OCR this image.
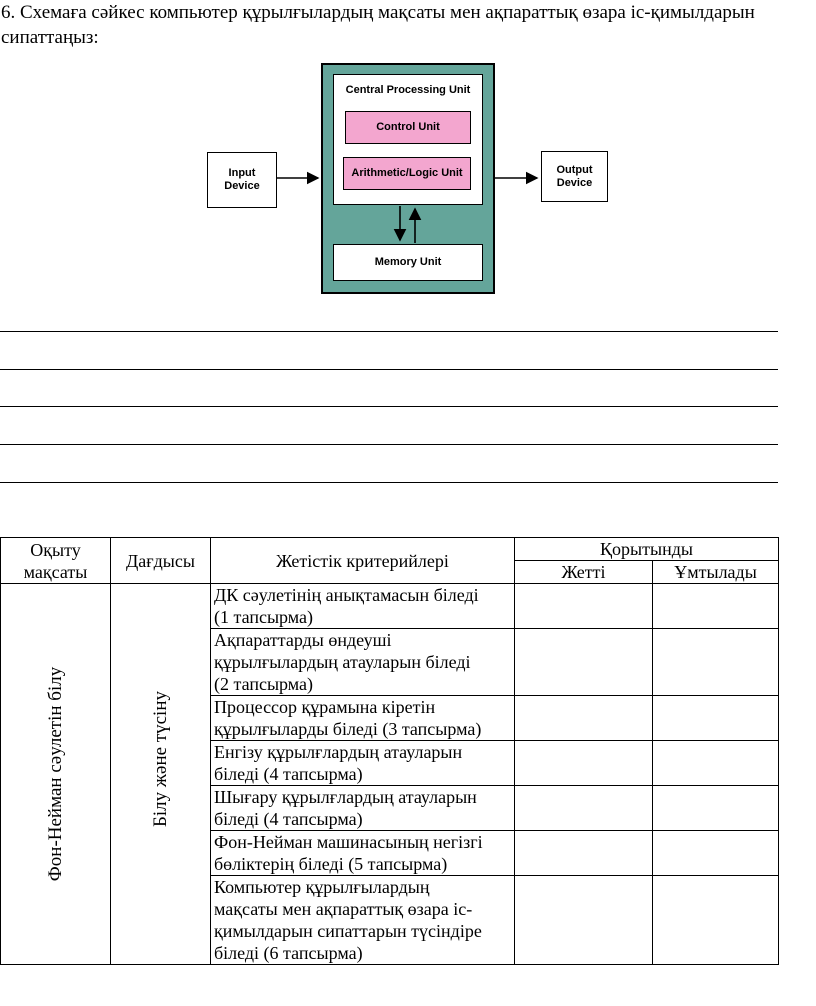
6. Схемаға сәйкес компьютер құрылғылардың мақсаты мен ақпараттық өзара іс-қимылдарын
сипаттаңыз:
Input
Device
Output
Device
Central Processing Unit
Control Unit
Arithmetic/Logic Unit
Memory Unit
Оқыту
мақсаты	Дағдысы	Жетістік критерийлері	Қорытынды	
			Жетті	Ұмтылады

Фон-Нейман сәулетін білу	Білу және түсіну	ДК сәулетінің анықтамасын біледі
(1 тапсырма)		

		Ақпараттарды өндеуші
құрылғылардың атауларын біледі
(2 тапсырма)		

		Процессор құрамына кіретін
құрылғыларды біледі (3 тапсырма)		

		Енгізу құрылғлардың атауларын
біледі (4 тапсырма)		

		Шығару құрылғлардың атауларын
біледі (4 тапсырма)		

		Фон-Нейман машинасының негізгі
бөліктерің біледі (5 тапсырма)		

		Компьютер құрылғылардың
мақсаты мен ақпараттық өзара іс-
қимылдарын сипаттарын түсіндіре
біледі (6 тапсырма)		
